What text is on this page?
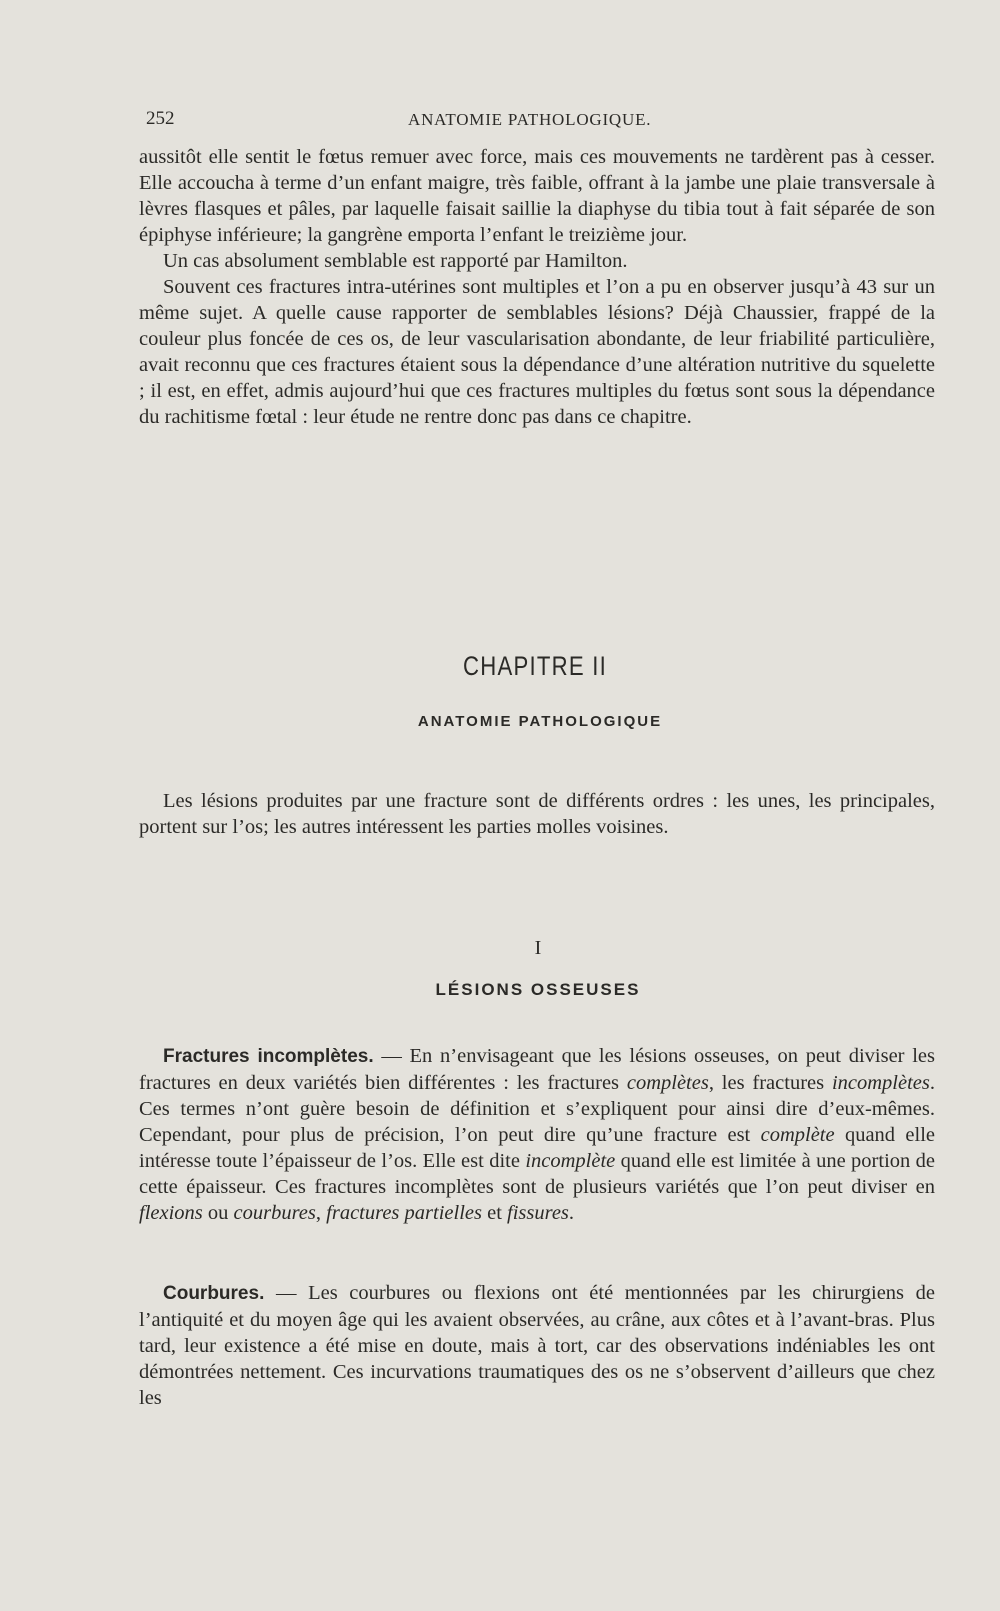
252	ANATOMIE PATHOLOGIQUE.

aussitôt elle sentit le fœtus remuer avec force, mais ces mouvements ne tardèrent pas à cesser. Elle accoucha à terme d’un enfant maigre, très faible, offrant à la jambe une plaie transversale à lèvres flasques et pâles, par laquelle faisait saillie la diaphyse du tibia tout à fait séparée de son épiphyse inférieure; la gangrène emporta l’enfant le treizième jour.

Un cas absolument semblable est rapporté par Hamilton.

Souvent ces fractures intra-utérines sont multiples et l’on a pu en observer jusqu’à 43 sur un même sujet. A quelle cause rapporter de semblables lésions? Déjà Chaussier, frappé de la couleur plus foncée de ces os, de leur vascularisation abondante, de leur friabilité particulière, avait reconnu que ces fractures étaient sous la dépendance d’une altération nutritive du squelette ; il est, en effet, admis aujourd’hui que ces fractures multiples du fœtus sont sous la dépendance du rachitisme fœtal : leur étude ne rentre donc pas dans ce chapitre.

CHAPITRE II
ANATOMIE PATHOLOGIQUE

Les lésions produites par une fracture sont de différents ordres : les unes, les principales, portent sur l’os; les autres intéressent les parties molles voisines.

I
LÉSIONS OSSEUSES

Fractures incomplètes. — En n’envisageant que les lésions osseuses, on peut diviser les fractures en deux variétés bien différentes : les fractures complètes, les fractures incomplètes. Ces termes n’ont guère besoin de définition et s’expliquent pour ainsi dire d’eux-mêmes. Cependant, pour plus de précision, l’on peut dire qu’une fracture est complète quand elle intéresse toute l’épaisseur de l’os. Elle est dite incomplète quand elle est limitée à une portion de cette épaisseur. Ces fractures incomplètes sont de plusieurs variétés que l’on peut diviser en flexions ou courbures, fractures partielles et fissures.

Courbures. — Les courbures ou flexions ont été mentionnées par les chirurgiens de l’antiquité et du moyen âge qui les avaient observées, au crâne, aux côtes et à l’avant-bras. Plus tard, leur existence a été mise en doute, mais à tort, car des observations indéniables les ont démontrées nettement. Ces incurvations traumatiques des os ne s’observent d’ailleurs que chez les
